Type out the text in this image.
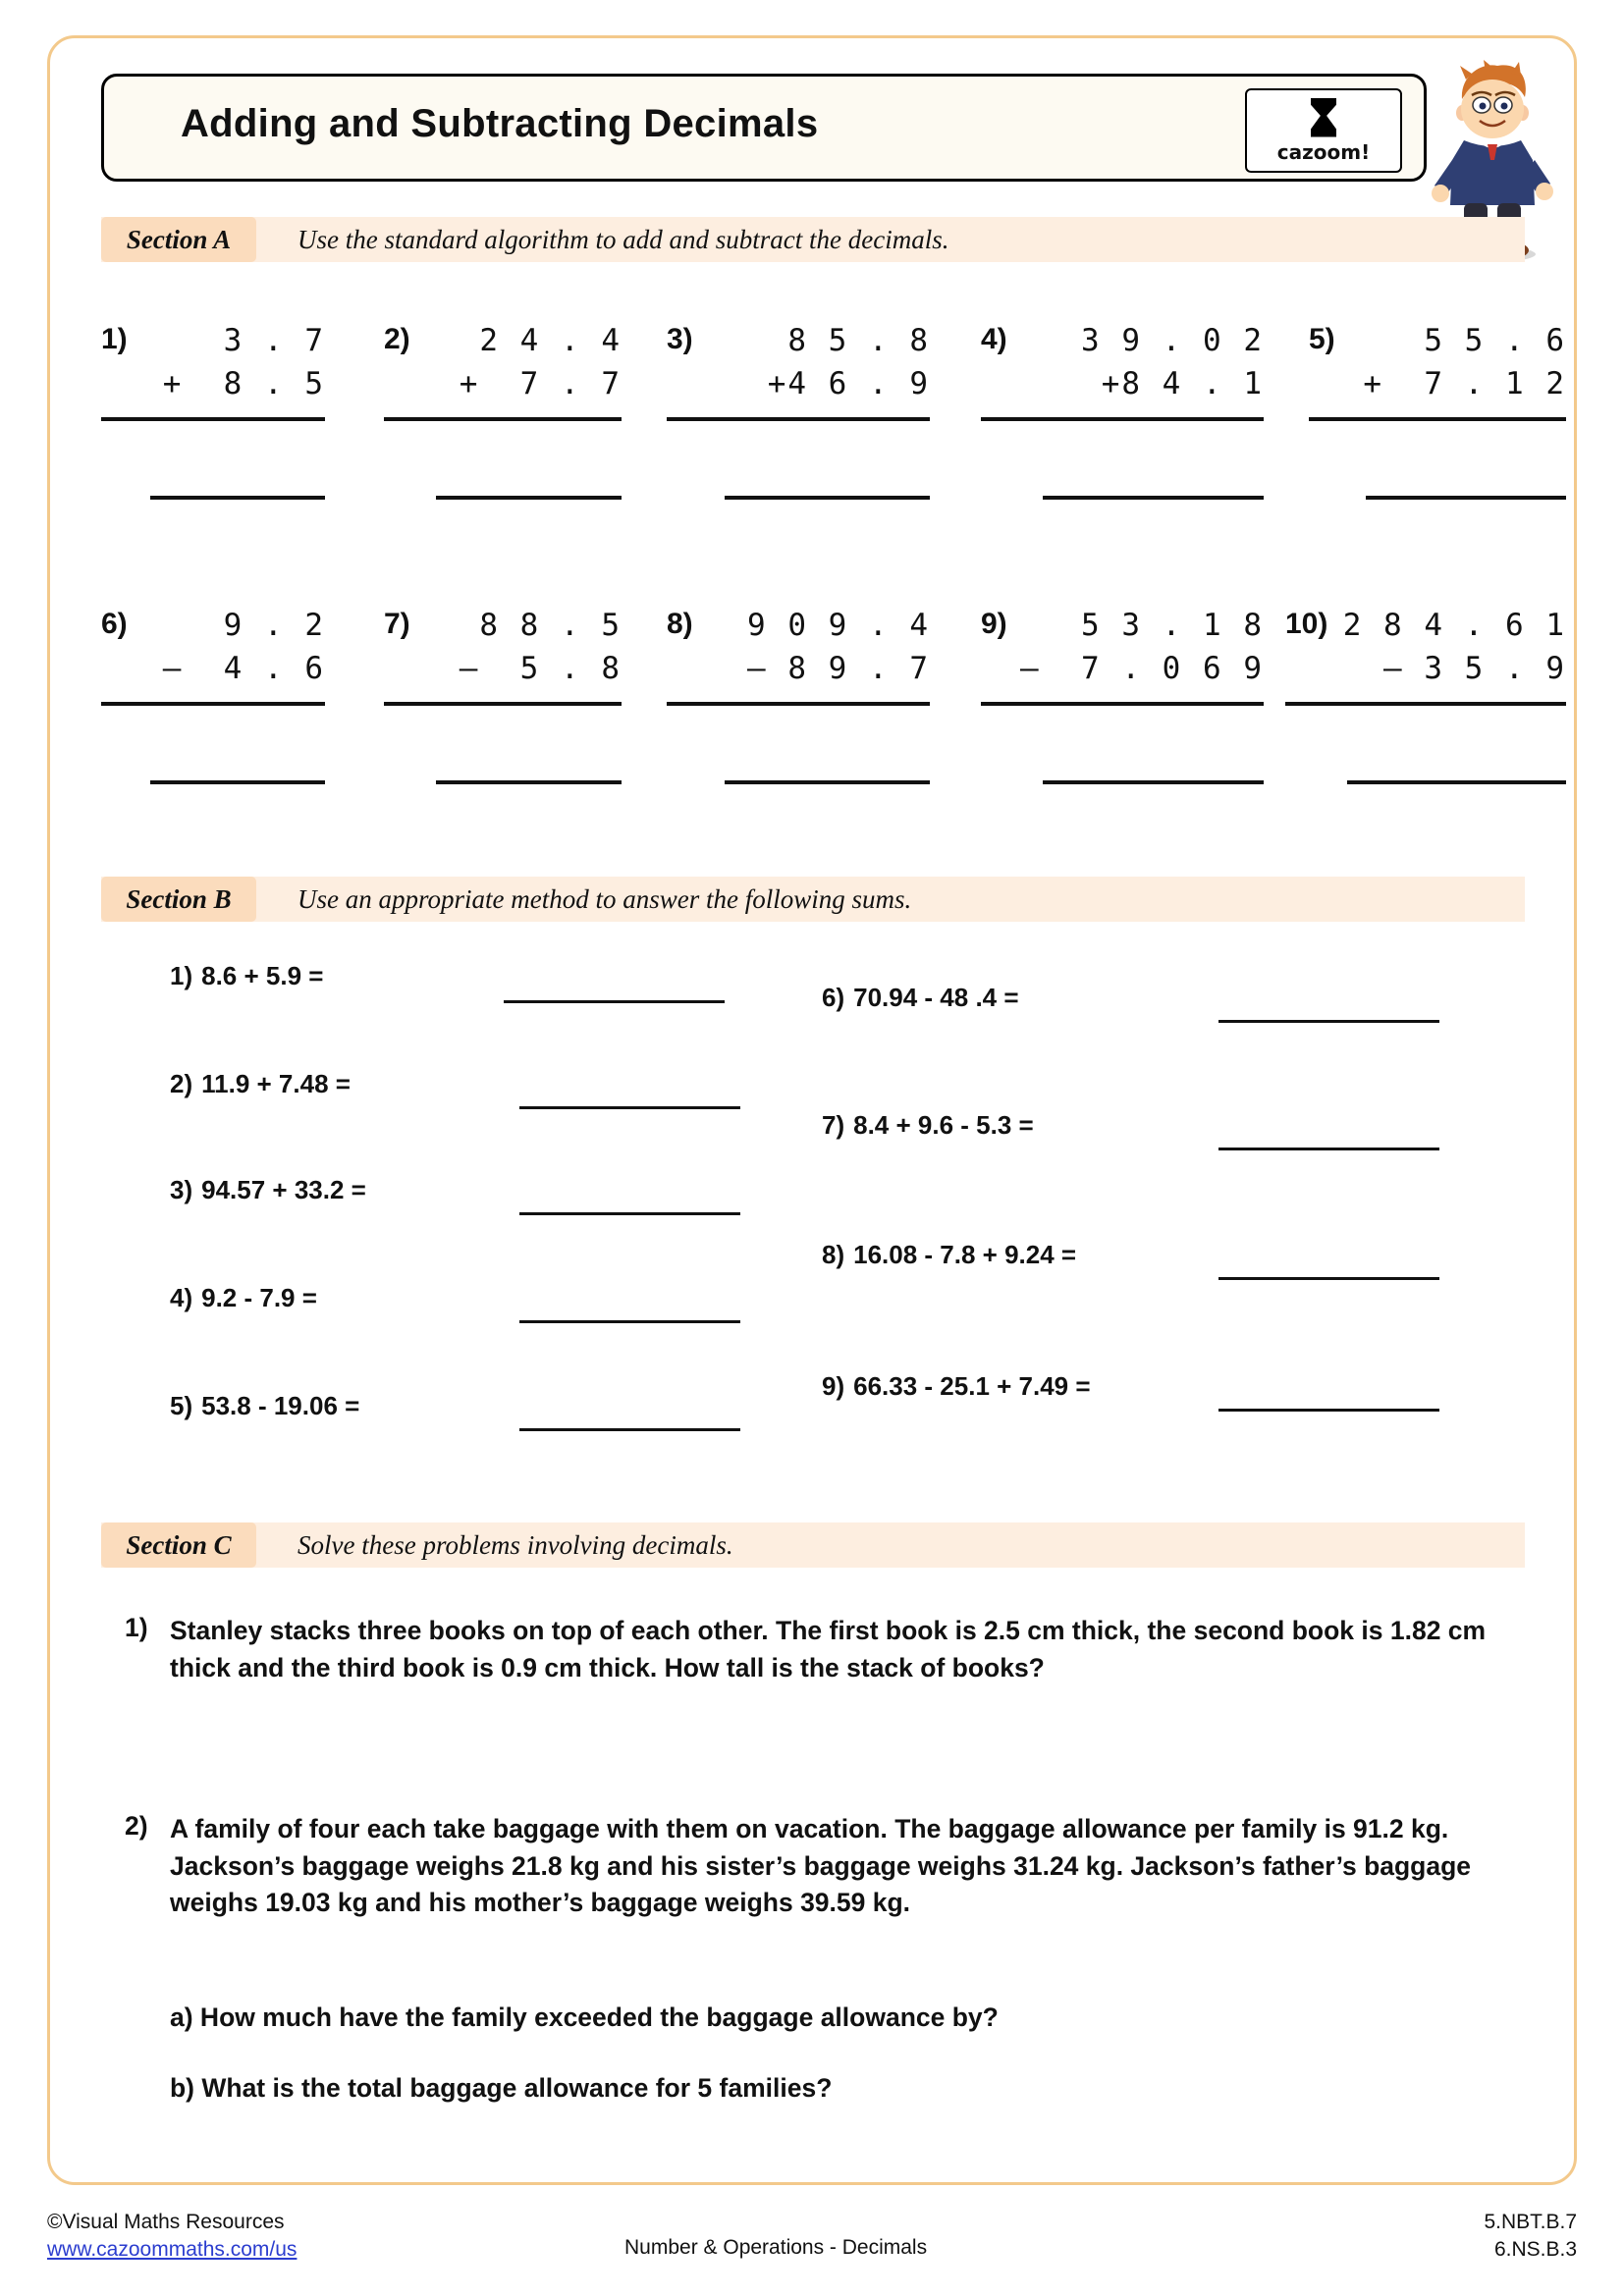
Adding and Subtracting Decimals
cazoom!
Section A	Use the standard algorithm to add and subtract the decimals.
1)	3 . 7
+  8 . 5
2) 2 4 . 4
+  7 . 7
3)	8 5 . 8
+4 6 . 9
4) 3 9 . 0 2
+8 4 . 1
5)	5 5 . 6
+  7 . 1 2
6)	9 . 2
–  4 . 6
7) 8 8 . 5
–  5 . 8
8) 9 0 9 . 4
– 8 9 . 7
9) 5 3 . 1 8
–  7 . 0 6 9
10) 2 8 4 . 6 1
– 3 5 . 9
Section B	Use an appropriate method to answer the following sums.
1) 8.6 + 5.9 =
2) 11.9 + 7.48 =
3) 94.57 + 33.2 =
4) 9.2 - 7.9 =
5) 53.8 - 19.06 =
6) 70.94 - 48 .4 =
7) 8.4 + 9.6 - 5.3 =
8) 16.08 - 7.8 + 9.24 =
9) 66.33 - 25.1 + 7.49 =
Section C	Solve these problems involving decimals.
1) Stanley stacks three books on top of each other. The first book is 2.5 cm thick, the second book is 1.82 cm thick and the third book is 0.9 cm thick. How tall is the stack of books?
2) A family of four each take baggage with them on vacation. The baggage allowance per family is 91.2 kg. Jackson’s baggage weighs 21.8 kg and his sister’s baggage weighs 31.24 kg. Jackson’s father’s baggage weighs 19.03 kg and his mother’s baggage weighs 39.59 kg.
a) How much have the family exceeded the baggage allowance by?
b) What is the total baggage allowance for 5 families?
©Visual Maths Resources
www.cazoommaths.com/us	Number & Operations - Decimals
5.NBT.B.7
6.NS.B.3
